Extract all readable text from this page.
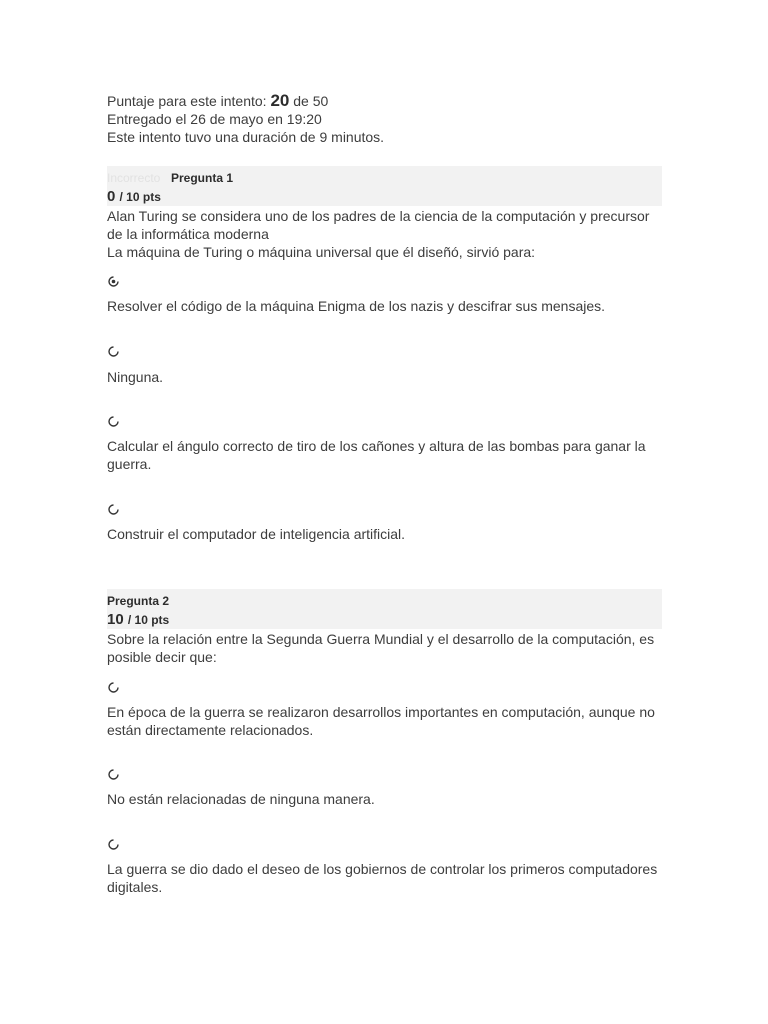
Puntaje para este intento: 20 de 50
Entregado el 26 de mayo en 19:20
Este intento tuvo una duración de 9 minutos.
Incorrecto Pregunta 1
0 / 10 pts
Alan Turing se considera uno de los padres de la ciencia de la computación y precursor de la informática moderna
La máquina de Turing o máquina universal que él diseñó, sirvió para:
Resolver el código de la máquina Enigma de los nazis y descifrar sus mensajes.
Ninguna.
Calcular el ángulo correcto de tiro de los cañones y altura de las bombas para ganar la guerra.
Construir el computador de inteligencia artificial.
Pregunta 2
10 / 10 pts
Sobre la relación entre la Segunda Guerra Mundial y el desarrollo de la computación, es posible decir que:
En época de la guerra se realizaron desarrollos importantes en computación, aunque no están directamente relacionados.
No están relacionadas de ninguna manera.
La guerra se dio dado el deseo de los gobiernos de controlar los primeros computadores digitales.
